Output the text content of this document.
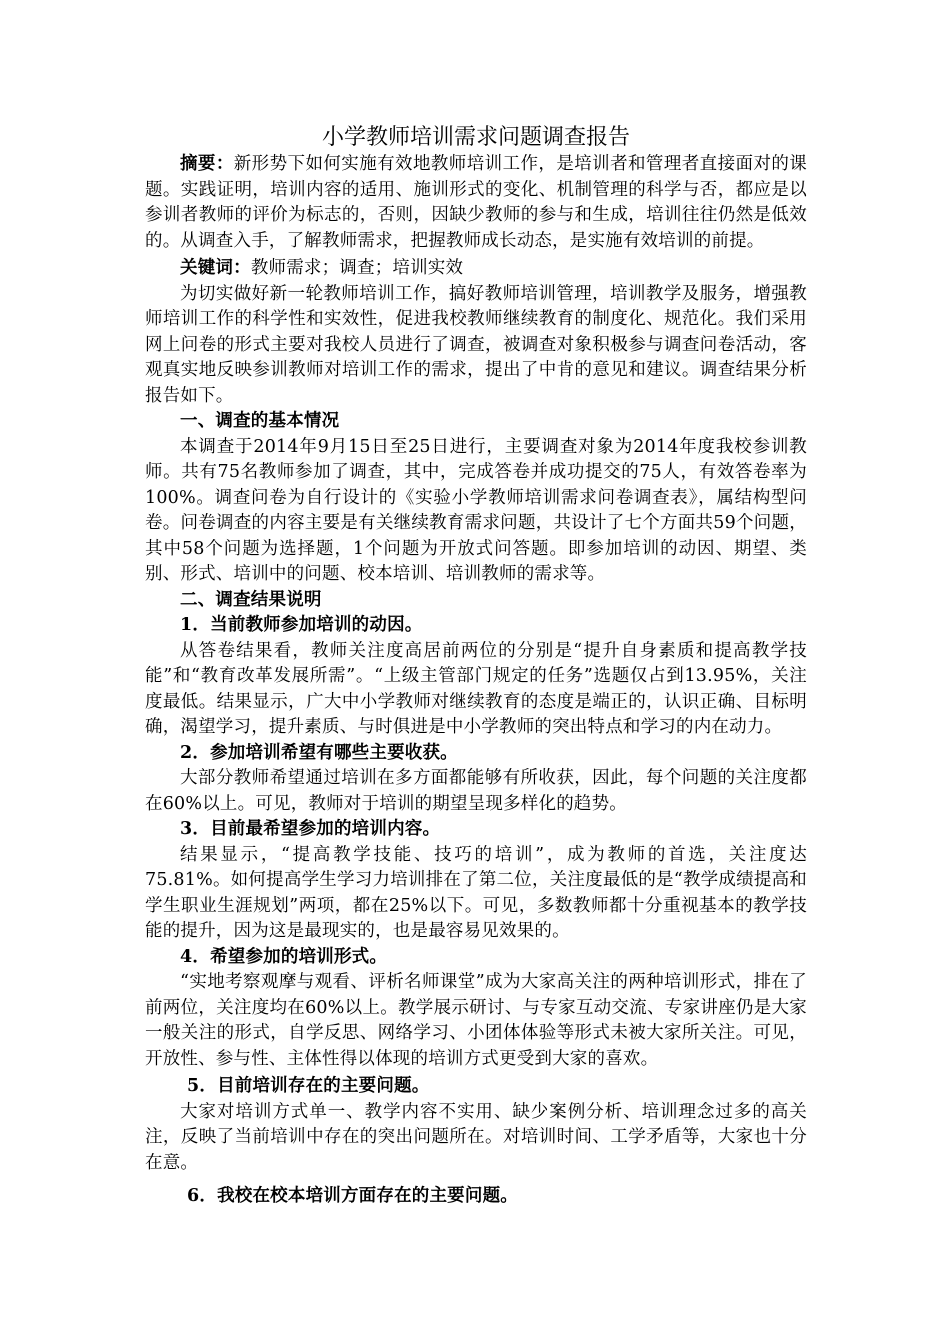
小学教师培训需求问题调查报告

摘要：新形势下如何实施有效地教师培训工作，是培训者和管理者直接面对的课题。实践证明，培训内容的适用、施训形式的变化、机制管理的科学与否，都应是以参训者教师的评价为标志的，否则，因缺少教师的参与和生成，培训往往仍然是低效的。从调查入手，了解教师需求，把握教师成长动态，是实施有效培训的前提。

关键词：教师需求；调查；培训实效

为切实做好新一轮教师培训工作，搞好教师培训管理，培训教学及服务，增强教师培训工作的科学性和实效性，促进我校教师继续教育的制度化、规范化。我们采用网上问卷的形式主要对我校人员进行了调查，被调查对象积极参与调查问卷活动，客观真实地反映参训教师对培训工作的需求，提出了中肯的意见和建议。调查结果分析报告如下。

一、调查的基本情况

本调查于2014年9月15日至25日进行，主要调查对象为2014年度我校参训教师。共有75名教师参加了调查，其中，完成答卷并成功提交的75人，有效答卷率为100%。调查问卷为自行设计的《实验小学教师培训需求问卷调查表》，属结构型问卷。问卷调查的内容主要是有关继续教育需求问题，共设计了七个方面共59个问题，其中58个问题为选择题，1个问题为开放式问答题。即参加培训的动因、期望、类别、形式、培训中的问题、校本培训、培训教师的需求等。

二、调查结果说明

1．当前教师参加培训的动因。

从答卷结果看，教师关注度高居前两位的分别是“提升自身素质和提高教学技能”和“教育改革发展所需”。“上级主管部门规定的任务”选题仅占到13.95%，关注度最低。结果显示，广大中小学教师对继续教育的态度是端正的，认识正确、目标明确，渴望学习，提升素质、与时俱进是中小学教师的突出特点和学习的内在动力。

2．参加培训希望有哪些主要收获。

大部分教师希望通过培训在多方面都能够有所收获，因此，每个问题的关注度都在60%以上。可见，教师对于培训的期望呈现多样化的趋势。

3．目前最希望参加的培训内容。

结果显示，“提高教学技能、技巧的培训”，成为教师的首选，关注度达75.81%。如何提高学生学习力培训排在了第二位，关注度最低的是“教学成绩提高和学生职业生涯规划”两项，都在25%以下。可见，多数教师都十分重视基本的教学技能的提升，因为这是最现实的，也是最容易见效果的。

4．希望参加的培训形式。

“实地考察观摩与观看、评析名师课堂”成为大家高关注的两种培训形式，排在了前两位，关注度均在60%以上。教学展示研讨、与专家互动交流、专家讲座仍是大家一般关注的形式，自学反思、网络学习、小团体体验等形式未被大家所关注。可见，开放性、参与性、主体性得以体现的培训方式更受到大家的喜欢。

5．目前培训存在的主要问题。

大家对培训方式单一、教学内容不实用、缺少案例分析、培训理念过多的高关注，反映了当前培训中存在的突出问题所在。对培训时间、工学矛盾等，大家也十分在意。

6．我校在校本培训方面存在的主要问题。
